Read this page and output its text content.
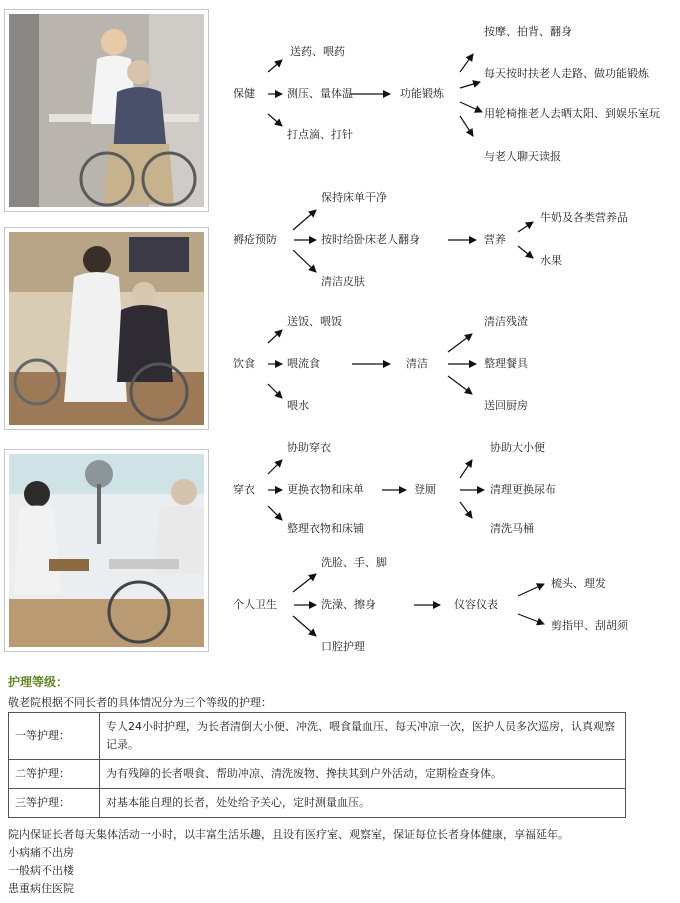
保健
送药、喂药
测压、量体温
打点滴、打针
功能锻炼
按摩、拍背、翻身
每天按时扶老人走路、做功能锻炼
用轮椅推老人去晒太阳、到娱乐室玩
与老人聊天读报
褥疮预防
保持床单干净
按时给卧床老人翻身
清洁皮肤
营养
牛奶及各类营养品
水果
饮食
送饭、喂饭
喂流食
喂水
清洁
清洁残渣
整理餐具
送回厨房
穿衣
协助穿衣
更换衣物和床单
整理衣物和床铺
登厕
协助大小便
清理更换尿布
清洗马桶
个人卫生
洗脸、手、脚
洗澡、擦身
口腔护理
仪容仪表
梳头、理发
剪指甲、刮胡须
护理等级：
敬老院根据不同长者的具体情况分为三个等级的护理：
一等护理：	专人24小时护理，为长者清倒大小便、冲洗、喂食量血压、每天冲凉一次，医护人员多次巡房，认真观察记录。
二等护理：	为有残障的长者喂食、帮助冲凉、清洗废物、搀扶其到户外活动，定期检查身体。
三等护理：	对基本能自理的长者，处处给予关心，定时测量血压。
院内保证长者每天集体活动一小时，以丰富生活乐趣，且设有医疗室、观察室，保证每位长者身体健康，享福延年。
小病痛不出房
一般病不出楼
患重病住医院
